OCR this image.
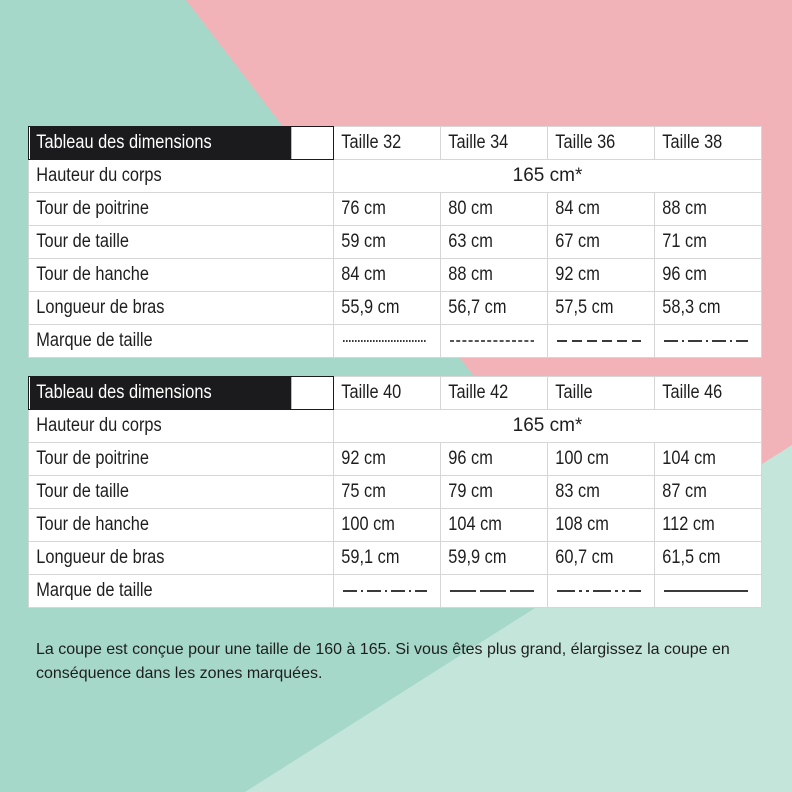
Tableau des dimensions	Taille 32	Taille 34	Taille 36	Taille 38
Hauteur du corps	165 cm*			
Tour de poitrine	76 cm	80 cm	84 cm	88 cm
Tour de taille	59 cm	63 cm	67 cm	71 cm
Tour de hanche	84 cm	88 cm	92 cm	96 cm
Longueur de bras	55,9 cm	56,7 cm	57,5 cm	58,3 cm
Marque de taille	

Tableau des dimensions	Taille 40	Taille 42	Taille	Taille 46
Hauteur du corps	165 cm*			
Tour de poitrine	92 cm	96 cm	100 cm	104 cm
Tour de taille	75 cm	79 cm	83 cm	87 cm
Tour de hanche	100 cm	104 cm	108 cm	112 cm
Longueur de bras	59,1 cm	59,9 cm	60,7 cm	61,5 cm
Marque de taille	

La coupe est conçue pour une taille de 160 à 165. Si vous êtes plus grand, élargissez la coupe en conséquence dans les zones marquées.
